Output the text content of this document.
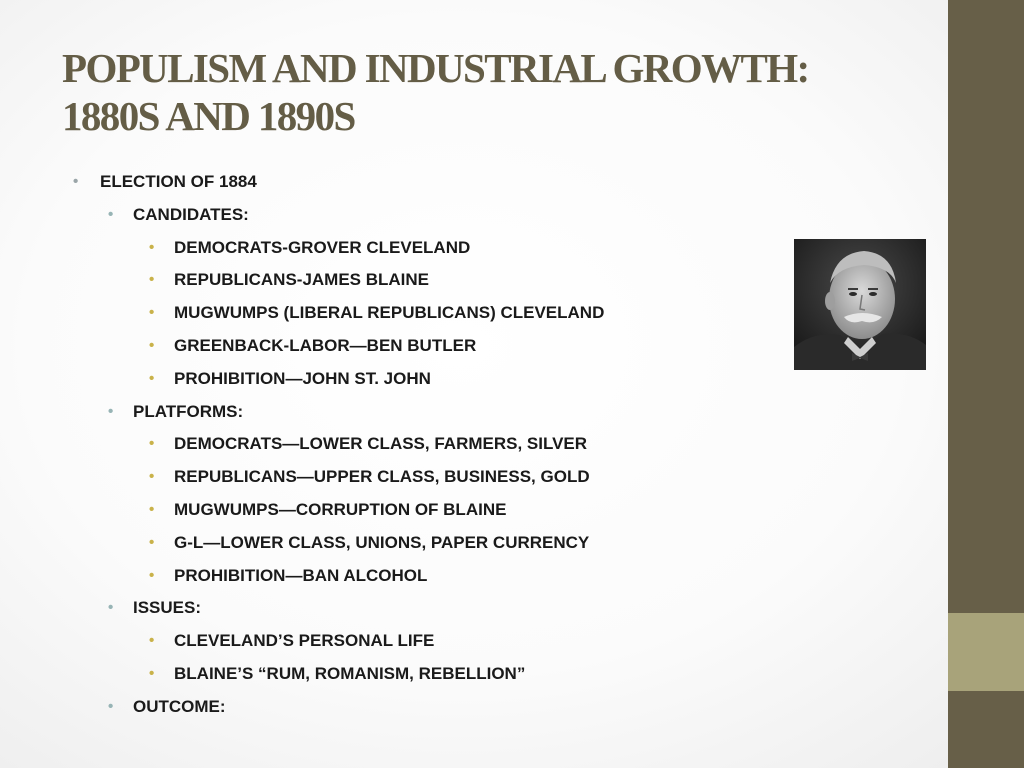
POPULISM AND INDUSTRIAL GROWTH:
1880S AND 1890S
• ELECTION OF 1884
• CANDIDATES:
• DEMOCRATS-GROVER CLEVELAND
• REPUBLICANS-JAMES BLAINE
• MUGWUMPS (LIBERAL REPUBLICANS) CLEVELAND
• GREENBACK-LABOR—BEN BUTLER
• PROHIBITION—JOHN ST. JOHN
• PLATFORMS:
• DEMOCRATS—LOWER CLASS, FARMERS, SILVER
• REPUBLICANS—UPPER CLASS, BUSINESS, GOLD
• MUGWUMPS—CORRUPTION OF BLAINE
• G-L—LOWER CLASS, UNIONS, PAPER CURRENCY
• PROHIBITION—BAN ALCOHOL
• ISSUES:
• CLEVELAND’S PERSONAL LIFE
• BLAINE’S “RUM, ROMANISM, REBELLION”
• OUTCOME:
